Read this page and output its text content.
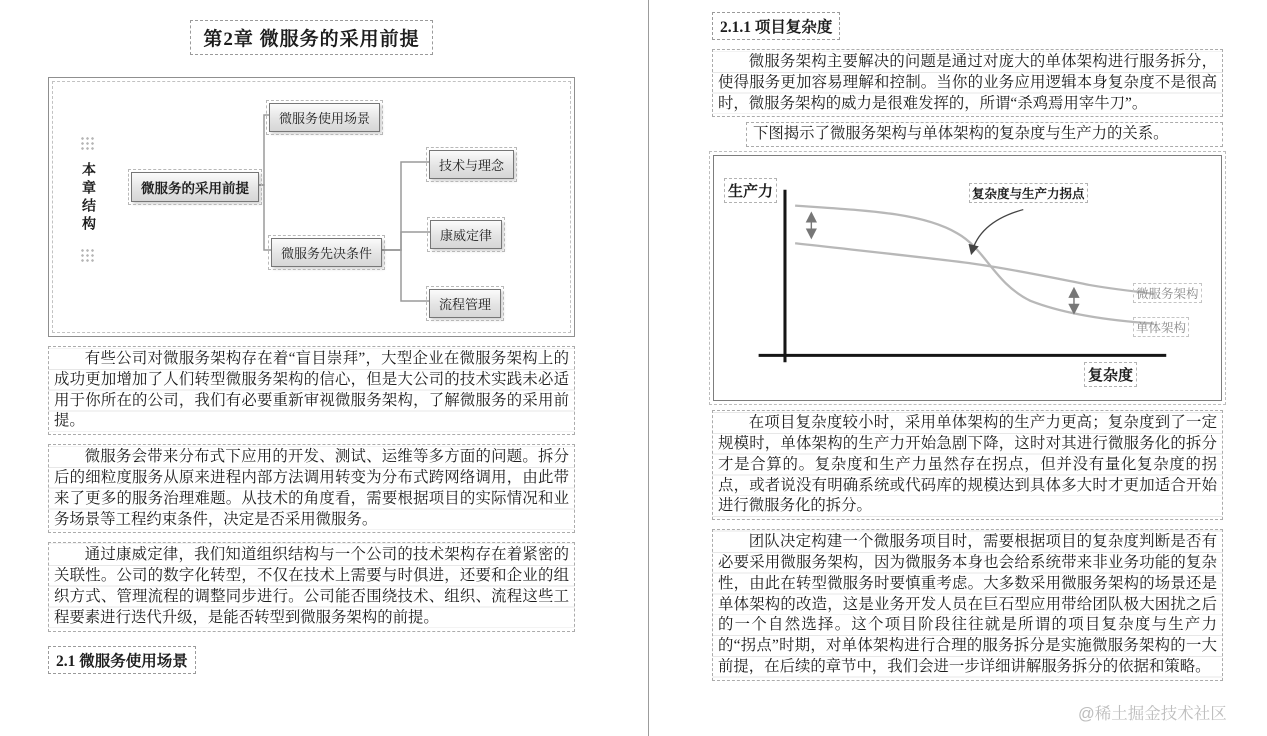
第2章 微服务的采用前提
本章结构	微服务的采用前提
微服务使用场景
微服务先决条件
技术与理念
康威定律
流程管理

有些公司对微服务架构存在着“盲目崇拜”，大型企业在微服务架构上的成功更加增加了人们转型微服务架构的信心，但是大公司的技术实践未必适用于你所在的公司，我们有必要重新审视微服务架构，了解微服务的采用前提。

微服务会带来分布式下应用的开发、测试、运维等多方面的问题。拆分后的细粒度服务从原来进程内部方法调用转变为分布式跨网络调用，由此带来了更多的服务治理难题。从技术的角度看，需要根据项目的实际情况和业务场景等工程约束条件，决定是否采用微服务。

通过康威定律，我们知道组织结构与一个公司的技术架构存在着紧密的关联性。公司的数字化转型，不仅在技术上需要与时俱进，还要和企业的组织方式、管理流程的调整同步进行。公司能否围绕技术、组织、流程这些工程要素进行迭代升级，是能否转型到微服务架构的前提。

2.1 微服务使用场景
2.1.1 项目复杂度

微服务架构主要解决的问题是通过对庞大的单体架构进行服务拆分，使得服务更加容易理解和控制。当你的业务应用逻辑本身复杂度不是很高时，微服务架构的威力是很难发挥的，所谓“杀鸡焉用宰牛刀”。

下图揭示了微服务架构与单体架构的复杂度与生产力的关系。

生产力
复杂度
复杂度与生产力拐点
微服务架构
单体架构

在项目复杂度较小时，采用单体架构的生产力更高；复杂度到了一定规模时，单体架构的生产力开始急剧下降，这时对其进行微服务化的拆分才是合算的。复杂度和生产力虽然存在拐点，但并没有量化复杂度的拐点，或者说没有明确系统或代码库的规模达到具体多大时才更加适合开始进行微服务化的拆分。

团队决定构建一个微服务项目时，需要根据项目的复杂度判断是否有必要采用微服务架构，因为微服务本身也会给系统带来非业务功能的复杂性，由此在转型微服务时要慎重考虑。大多数采用微服务架构的场景还是单体架构的改造，这是业务开发人员在巨石型应用带给团队极大困扰之后的一个自然选择。这个项目阶段往往就是所谓的项目复杂度与生产力的“拐点”时期，对单体架构进行合理的服务拆分是实施微服务架构的一大前提，在后续的章节中，我们会进一步详细讲解服务拆分的依据和策略。

@稀土掘金技术社区
